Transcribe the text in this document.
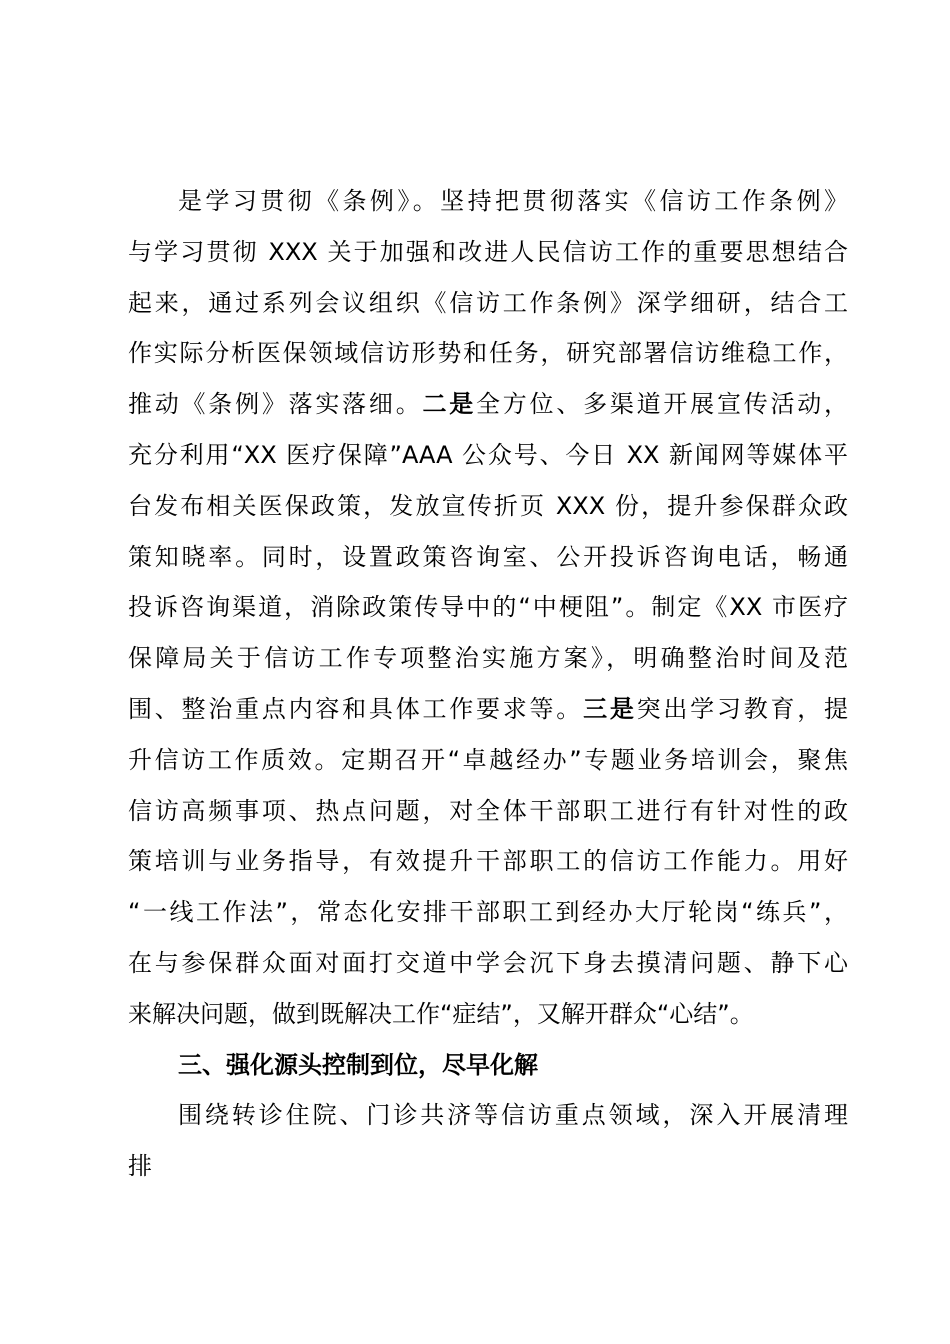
是学习贯彻《条例》。坚持把贯彻落实《信访工作条例》
与学习贯彻 XXX 关于加强和改进人民信访工作的重要思想结合
起来，通过系列会议组织《信访工作条例》深学细研，结合工
作实际分析医保领域信访形势和任务，研究部署信访维稳工作，
推动《条例》落实落细。二是全方位、多渠道开展宣传活动，
充分利用“XX 医疗保障”AAA 公众号、今日 XX 新闻网等媒体平
台发布相关医保政策，发放宣传折页 XXX 份，提升参保群众政
策知晓率。同时，设置政策咨询室、公开投诉咨询电话，畅通
投诉咨询渠道，消除政策传导中的“中梗阻”。制定《XX 市医疗
保障局关于信访工作专项整治实施方案》，明确整治时间及范
围、整治重点内容和具体工作要求等。三是突出学习教育，提
升信访工作质效。定期召开“卓越经办”专题业务培训会，聚焦
信访高频事项、热点问题，对全体干部职工进行有针对性的政
策培训与业务指导，有效提升干部职工的信访工作能力。用好
“一线工作法”，常态化安排干部职工到经办大厅轮岗“练兵”，
在与参保群众面对面打交道中学会沉下身去摸清问题、静下心
来解决问题，做到既解决工作“症结”，又解开群众“心结”。
三、强化源头控制到位，尽早化解
围绕转诊住院、门诊共济等信访重点领域，深入开展清理
排
